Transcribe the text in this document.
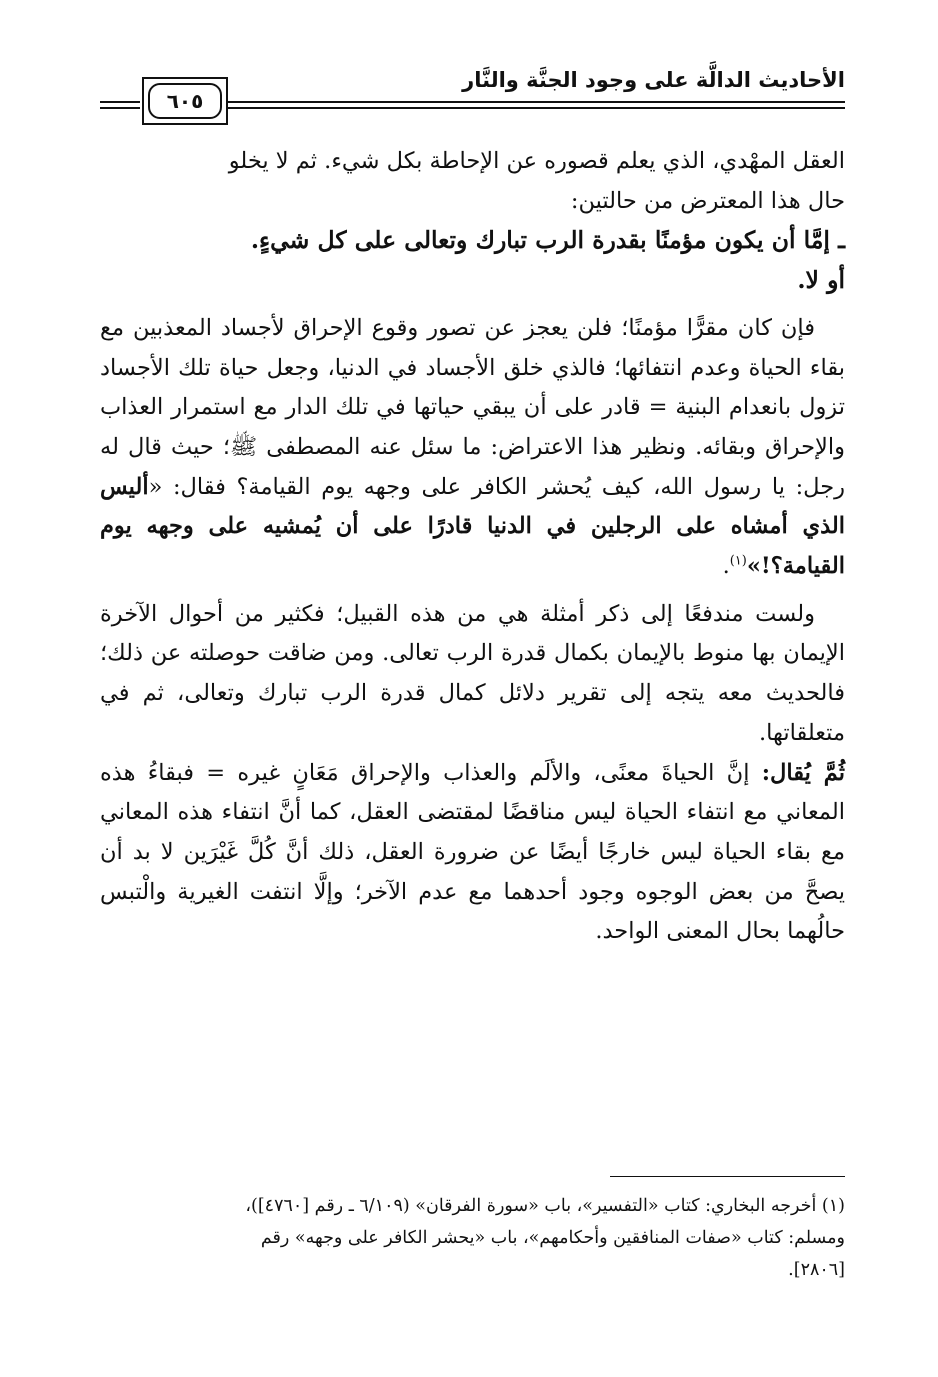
الأحاديث الدالَّة على وجود الجنَّة والنَّار
٦٠٥

العقل المهْدي، الذي يعلم قصوره عن الإحاطة بكل شيء. ثم لا يخلو
حال هذا المعترض من حالتين:

ـ إمَّا أن يكون مؤمنًا بقدرة الرب تبارك وتعالى على كل شيءٍ.

أو لا.

فإن كان مقرًّا مؤمنًا؛ فلن يعجز عن تصور وقوع الإحراق لأجساد المعذبين مع بقاء الحياة وعدم انتفائها؛ فالذي خلق الأجساد في الدنيا، وجعل حياة تلك الأجساد تزول بانعدام البنية = قادر على أن يبقي حياتها في تلك الدار مع استمرار العذاب والإحراق وبقائه. ونظير هذا الاعتراض: ما سئل عنه المصطفى ﷺ؛ حيث قال له رجل: يا رسول الله، كيف يُحشر الكافر على وجهه يوم القيامة؟ فقال: «أليس الذي أمشاه على الرجلين في الدنيا قادرًا على أن يُمشيه على وجهه يوم القيامة؟!»$^{(١)}$.

ولست مندفعًا إلى ذكر أمثلة هي من هذه القبيل؛ فكثير من أحوال الآخرة الإيمان بها منوط بالإيمان بكمال قدرة الرب تعالى. ومن ضاقت حوصلته عن ذلك؛ فالحديث معه يتجه إلى تقرير دلائل كمال قدرة الرب تبارك وتعالى، ثم في متعلقاتها.

ثُمَّ يُقال: إنَّ الحياةَ معنًى، والألَم والعذاب والإحراق مَعَانٍ غيره = فبقاءُ هذه المعاني مع انتفاء الحياة ليس مناقضًا لمقتضى العقل، كما أنَّ انتفاء هذه المعاني مع بقاء الحياة ليس خارجًا أيضًا عن ضرورة العقل، ذلك أنَّ كُلَّ غَيْرَين لا بد أن يصحَّ من بعض الوجوه وجود أحدهما مع عدم الآخر؛ وإلَّا انتفت الغيرية والْتبس حالُهما بحال المعنى الواحد.

(١) أخرجه البخاري: كتاب «التفسير»، باب «سورة الفرقان» (٦/١٠٩ ـ رقم [٤٧٦٠])،

ومسلم: كتاب «صفات المنافقين وأحكامهم»، باب «يحشر الكافر على وجهه» رقم

[٢٨٠٦].
